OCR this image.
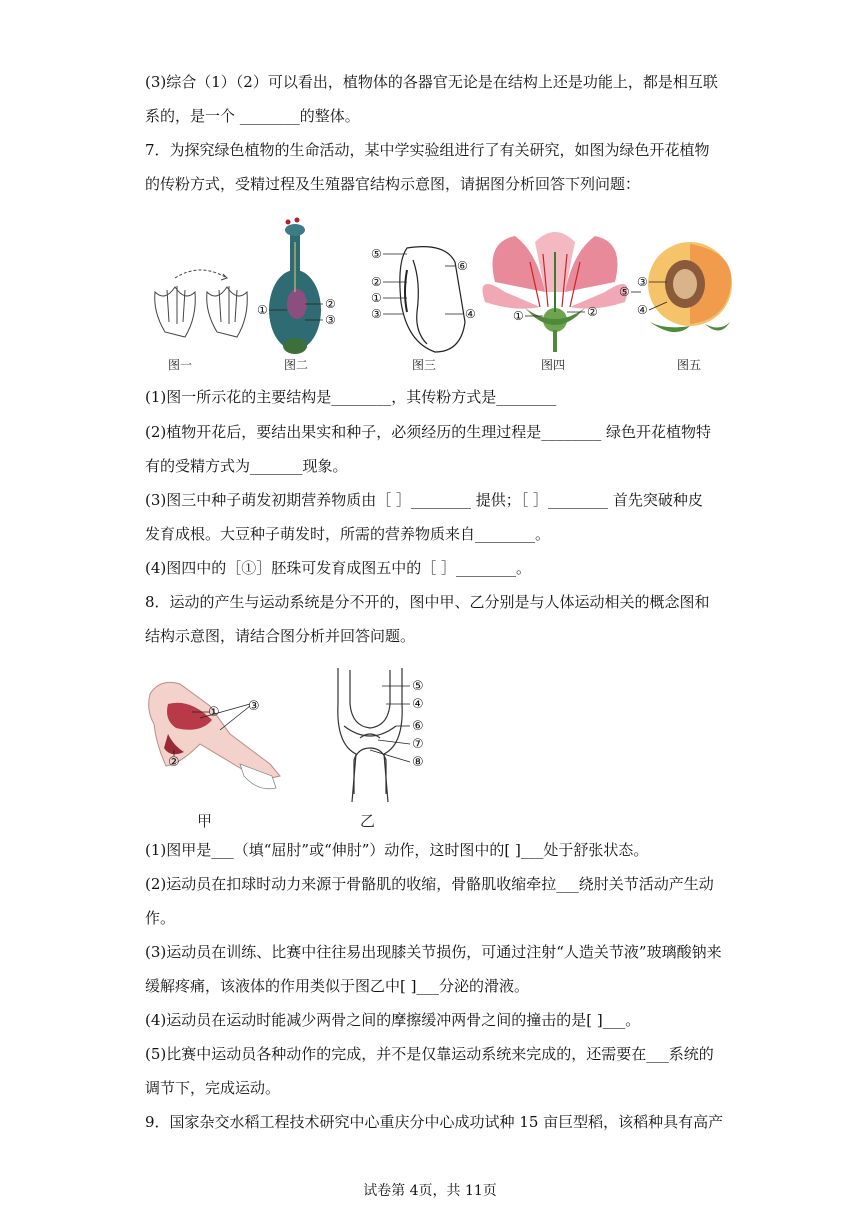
(3)综合（1）（2）可以看出，植物体的各器官无论是在结构上还是功能上，都是相互联
系的，是一个 ________的整体。
7．为探究绿色植物的生命活动，某中学实验组进行了有关研究，如图为绿色开花植物
的传粉方式，受精过程及生殖器官结构示意图，请据图分析回答下列问题：
①	②
③
⑤
②
①
③
⑥
④	①	②
⑤
③
④
图一	图二	图三	图四	图五
(1)图一所示花的主要结构是________，其传粉方式是________
(2)植物开花后，要结出果实和种子，必须经历的生理过程是________ 绿色开花植物特
有的受精方式为_______现象。
(3)图三中种子萌发初期营养物质由［ ］________ 提供；［ ］________ 首先突破种皮
发育成根。大豆种子萌发时，所需的营养物质来自________。
(4)图四中的［①］胚珠可发育成图五中的［ ］________。
8．运动的产生与运动系统是分不开的，图中甲、乙分别是与人体运动相关的概念图和
结构示意图，请结合图分析并回答问题。
①
②
③
⑤
④
⑥
⑦
⑧
甲	乙
(1)图甲是___（填“屈肘”或“伸肘”）动作，这时图中的[ ]___处于舒张状态。
(2)运动员在扣球时动力来源于骨骼肌的收缩，骨骼肌收缩牵拉___绕肘关节活动产生动
作。
(3)运动员在训练、比赛中往往易出现膝关节损伤，可通过注射“人造关节液”玻璃酸钠来
缓解疼痛，该液体的作用类似于图乙中[ ]___分泌的滑液。
(4)运动员在运动时能减少两骨之间的摩擦缓冲两骨之间的撞击的是[ ]___。
(5)比赛中运动员各种动作的完成，并不是仅靠运动系统来完成的，还需要在___系统的
调节下，完成运动。
9．国家杂交水稻工程技术研究中心重庆分中心成功试种 15 亩巨型稻，该稻种具有高产
试卷第 4页，共 11页
